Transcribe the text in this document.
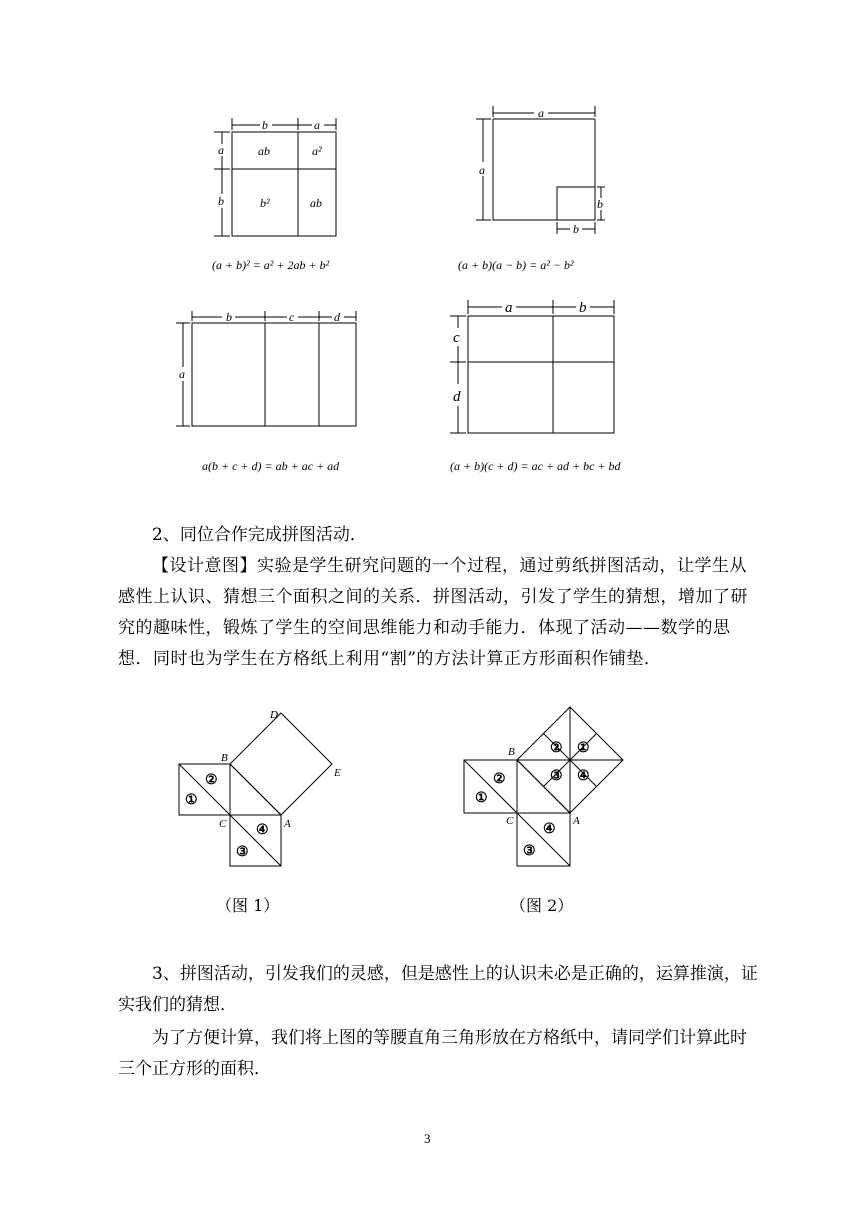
b	a
a
b
ab	a²
b²	ab
(a + b)² = a² + 2ab + b²
a
a
b
b
(a + b)(a − b) = a² − b²
b	c	d
a
a(b + c + d) = ab + ac + ad
a	b
c
d
(a + b)(c + d) = ac + ad + bc + bd
2、同位合作完成拼图活动．
【设计意图】实验是学生研究问题的一个过程，通过剪纸拼图活动，让学生从感性上认识、猜想三个面积之间的关系．拼图活动，引发了学生的猜想，增加了研究的趣味性，锻炼了学生的空间思维能力和动手能力．体现了活动——数学的思想．同时也为学生在方格纸上利用“割”的方法计算正方形面积作铺垫．
B
C	A
D
E
①
②
③
④
（图 1）
B
C	A
①
②
③
④
② ①
③ ④
（图 2）
3、拼图活动，引发我们的灵感，但是感性上的认识未必是正确的，运算推演，证实我们的猜想．
为了方便计算，我们将上图的等腰直角三角形放在方格纸中，请同学们计算此时三个正方形的面积．
3
